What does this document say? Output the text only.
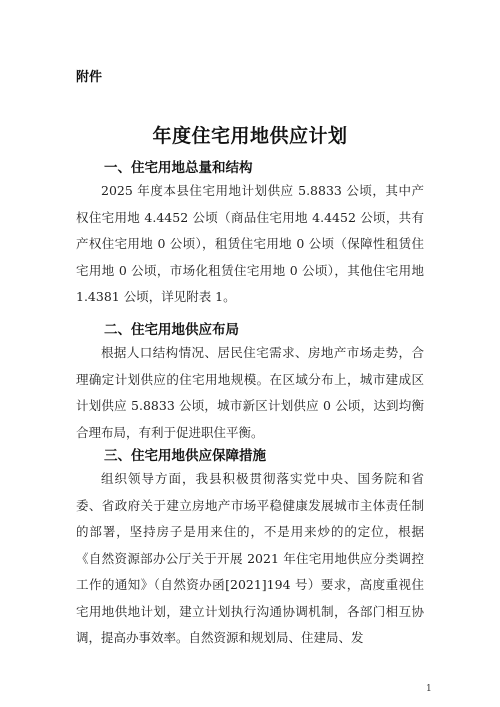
附件
年度住宅用地供应计划
一、住宅用地总量和结构

2025 年度本县住宅用地计划供应 5.8833 公顷，其中产权住宅用地 4.4452 公顷（商品住宅用地 4.4452 公顷，共有产权住宅用地 0 公顷），租赁住宅用地 0 公顷（保障性租赁住宅用地 0 公顷，市场化租赁住宅用地 0 公顷），其他住宅用地 1.4381 公顷，详见附表 1。

二、住宅用地供应布局

根据人口结构情况、居民住宅需求、房地产市场走势，合理确定计划供应的住宅用地规模。在区域分布上，城市建成区计划供应 5.8833 公顷，城市新区计划供应 0 公顷，达到均衡合理布局，有利于促进职住平衡。

三、住宅用地供应保障措施

组织领导方面，我县积极贯彻落实党中央、国务院和省委、省政府关于建立房地产市场平稳健康发展城市主体责任制的部署，坚持房子是用来住的，不是用来炒的的定位，根据《自然资源部办公厅关于开展 2021 年住宅用地供应分类调控工作的通知》（自然资办函[2021]194 号）要求，高度重视住宅用地供地计划，建立计划执行沟通协调机制，各部门相互协调，提高办事效率。自然资源和规划局、住建局、发

1
